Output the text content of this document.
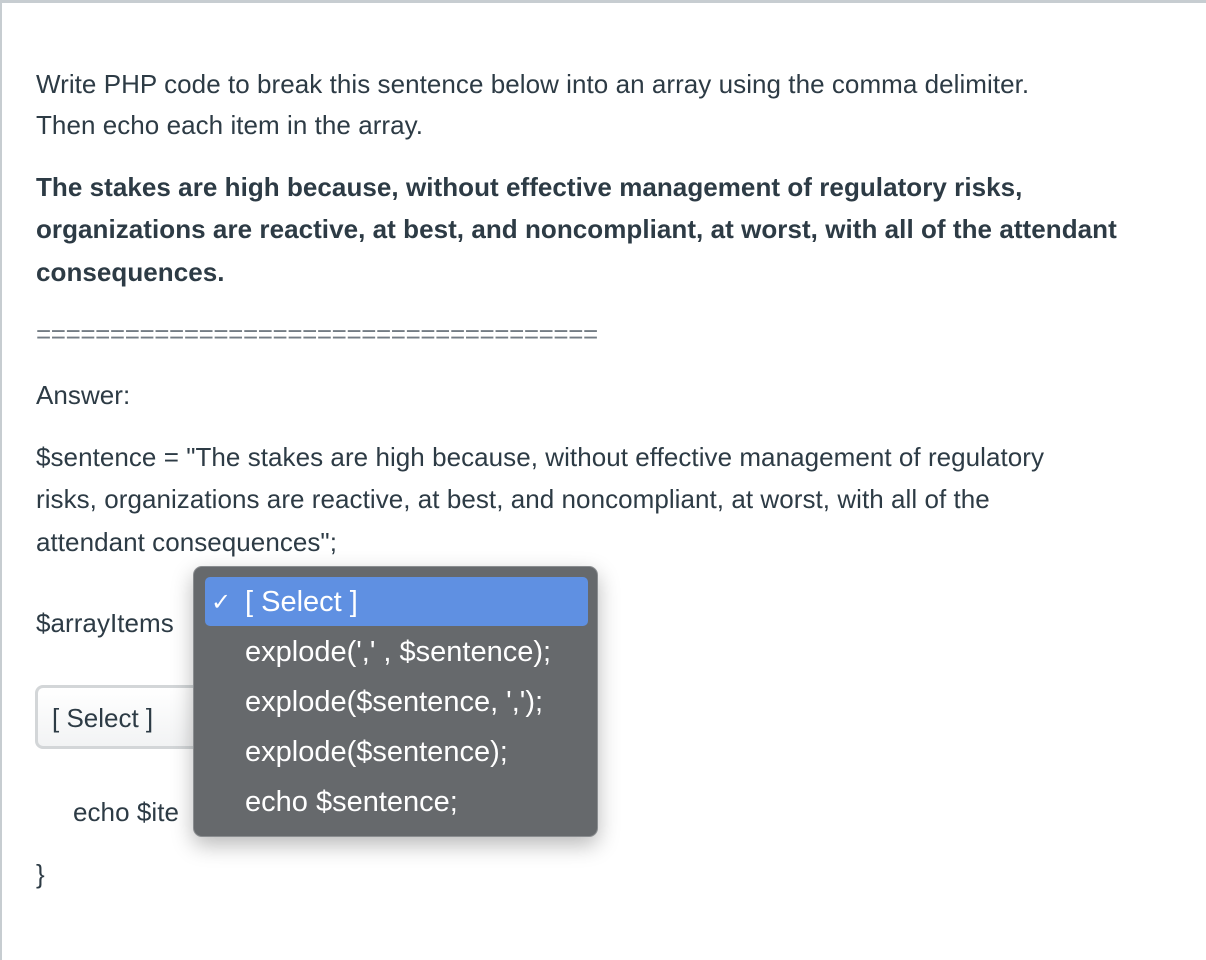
Write PHP code to break this sentence below into an array using the comma delimiter.
Then echo each item in the array.
The stakes are high because, without effective management of regulatory risks,
organizations are reactive, at best, and noncompliant, at worst, with all of the attendant
consequences.
======================================
Answer:
$sentence = "The stakes are high because, without effective management of regulatory
risks, organizations are reactive, at best, and noncompliant, at worst, with all of the
attendant consequences";
$arrayItems
[ Select ]
echo $ite
}
✓ [ Select ]
explode(',' , $sentence);
explode($sentence, ',');
explode($sentence);
echo $sentence;
